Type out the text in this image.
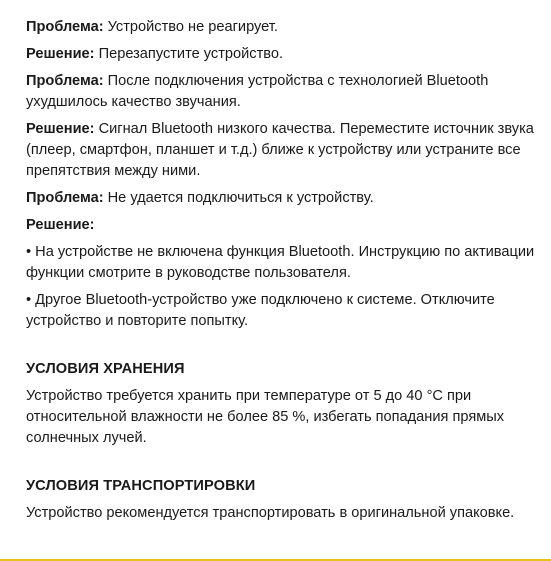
Проблема: Устройство не реагирует.

Решение: Перезапустите устройство.

Проблема: После подключения устройства с технологией Bluetooth ухудшилось качество звучания.

Решение: Сигнал Bluetooth низкого качества. Переместите источник звука (плеер, смартфон, планшет и т.д.) ближе к устройству или устраните все препятствия между ними.

Проблема: Не удается подключиться к устройству.

Решение:

• На устройстве не включена функция Bluetooth. Инструкцию по активации функции смотрите в руководстве пользователя.

• Другое Bluetooth-устройство уже подключено к системе. Отключите устройство и повторите попытку.

УСЛОВИЯ ХРАНЕНИЯ

Устройство требуется хранить при температуре от 5 до 40 °C при относительной влажности не более 85 %, избегать попадания прямых солнечных лучей.

УСЛОВИЯ ТРАНСПОРТИРОВКИ

Устройство рекомендуется транспортировать в оригинальной упаковке.
